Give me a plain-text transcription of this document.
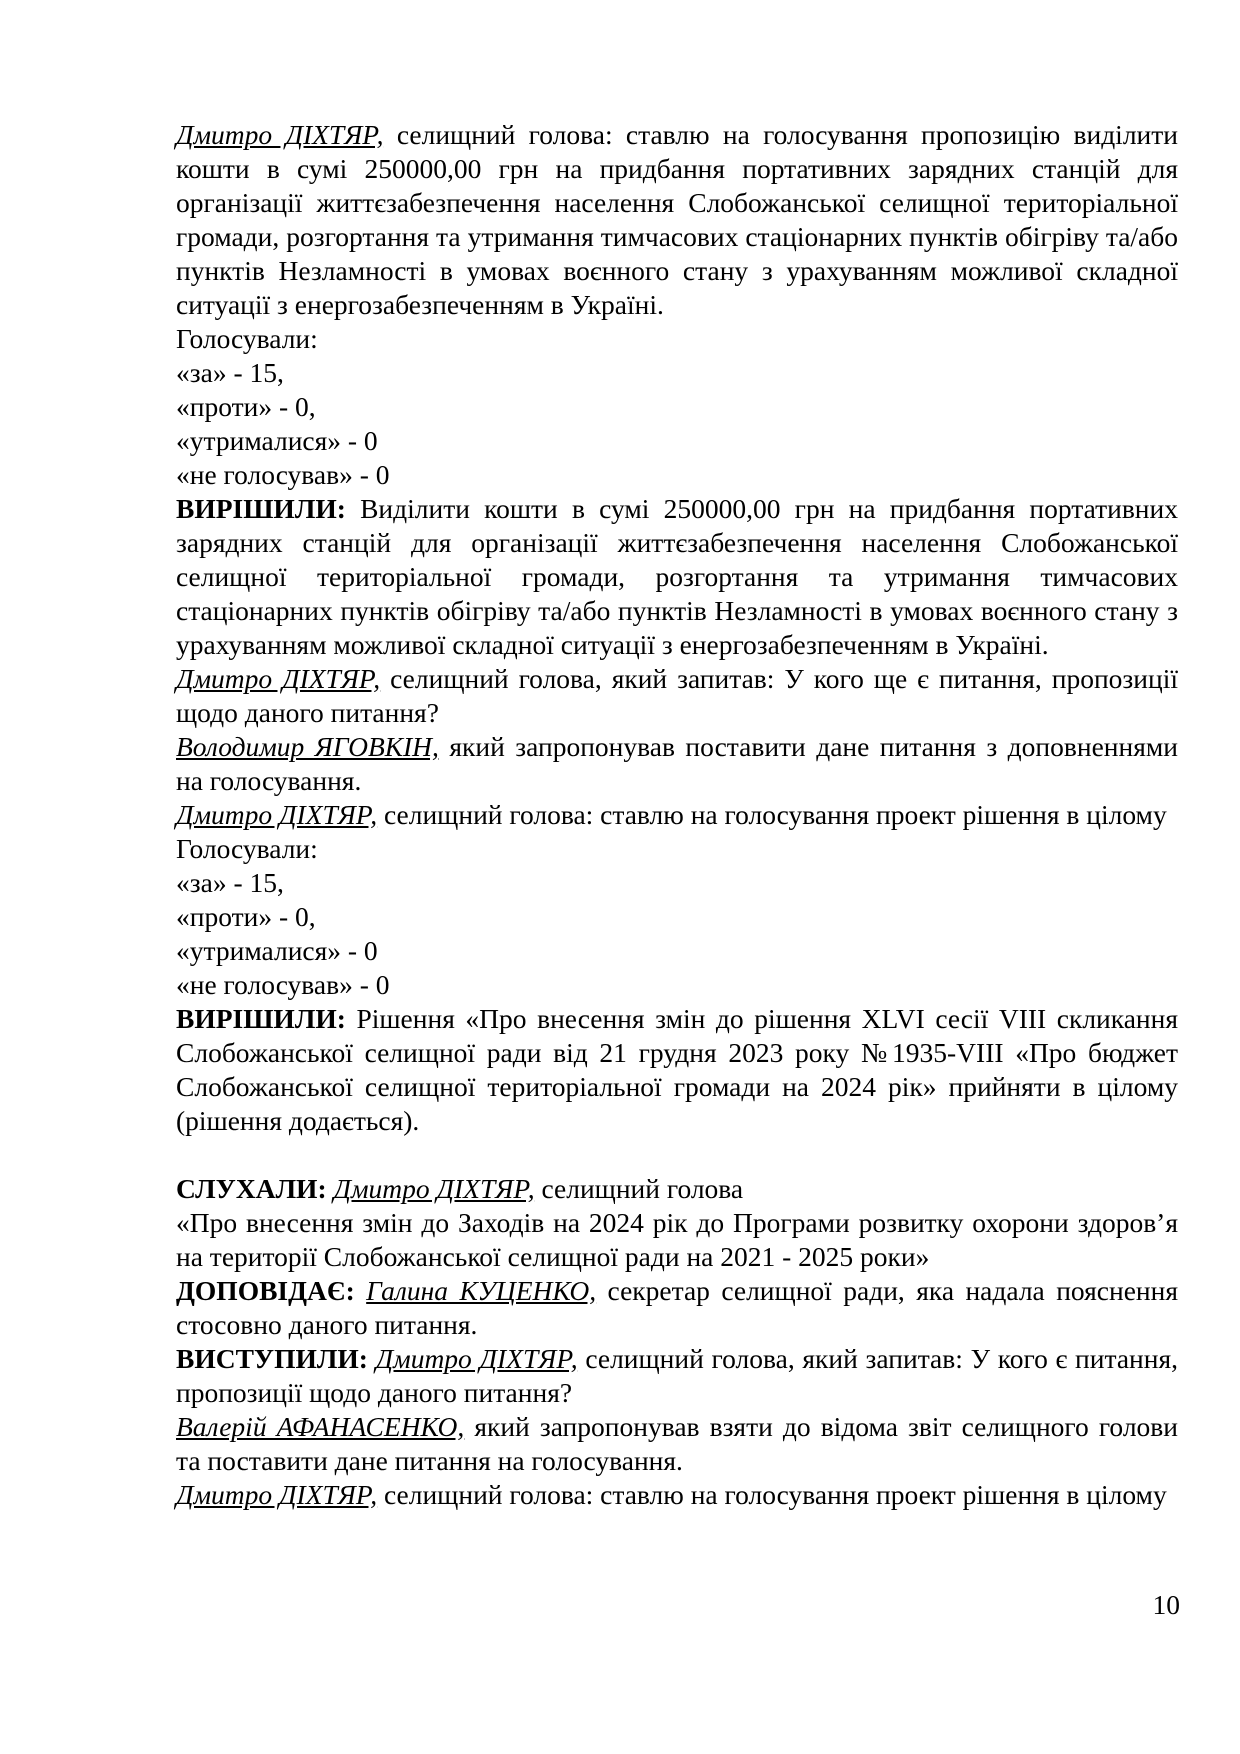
Дмитро ДІХТЯР, селищний голова: ставлю на голосування пропозицію виділити кошти в сумі 250000,00 грн на придбання портативних зарядних станцій для організації життєзабезпечення населення Слобожанської селищної територіальної громади, розгортання та утримання тимчасових стаціонарних пунктів обігріву та/або пунктів Незламності в умовах воєнного стану з урахуванням можливої складної ситуації з енергозабезпеченням в Україні.

Голосували:

«за» - 15,

«проти» - 0,

«утрималися» - 0

«не голосував» - 0

ВИРІШИЛИ: Виділити кошти в сумі 250000,00 грн на придбання портативних зарядних станцій для організації життєзабезпечення населення Слобожанської селищної територіальної громади, розгортання та утримання тимчасових стаціонарних пунктів обігріву та/або пунктів Незламності в умовах воєнного стану з урахуванням можливої складної ситуації з енергозабезпеченням в Україні.

Дмитро ДІХТЯР, селищний голова, який запитав: У кого ще є питання, пропозиції щодо даного питання?

Володимир ЯГОВКІН, який запропонував поставити дане питання з доповненнями на голосування.

Дмитро ДІХТЯР, селищний голова: ставлю на голосування проект рішення в цілому

Голосували:

«за» - 15,

«проти» - 0,

«утрималися» - 0

«не голосував» - 0

ВИРІШИЛИ: Рішення «Про внесення змін до рішення XLVI сесії VIII скликання Слобожанської селищної ради від 21 грудня 2023 року №1935-VIII «Про бюджет Слобожанської селищної територіальної громади на 2024 рік» прийняти в цілому (рішення додається).

СЛУХАЛИ: Дмитро ДІХТЯР, селищний голова

«Про внесення змін до Заходів на 2024 рік до Програми розвитку охорони здоров’я на території Слобожанської селищної ради на 2021 - 2025 роки»

ДОПОВІДАЄ: Галина КУЦЕНКО, секретар селищної ради, яка надала пояснення стосовно даного питання.

ВИСТУПИЛИ: Дмитро ДІХТЯР, селищний голова, який запитав: У кого є питання, пропозиції щодо даного питання?

Валерій АФАНАСЕНКО, який запропонував взяти до відома звіт селищного голови та поставити дане питання на голосування.

Дмитро ДІХТЯР, селищний голова: ставлю на голосування проект рішення в цілому

10
